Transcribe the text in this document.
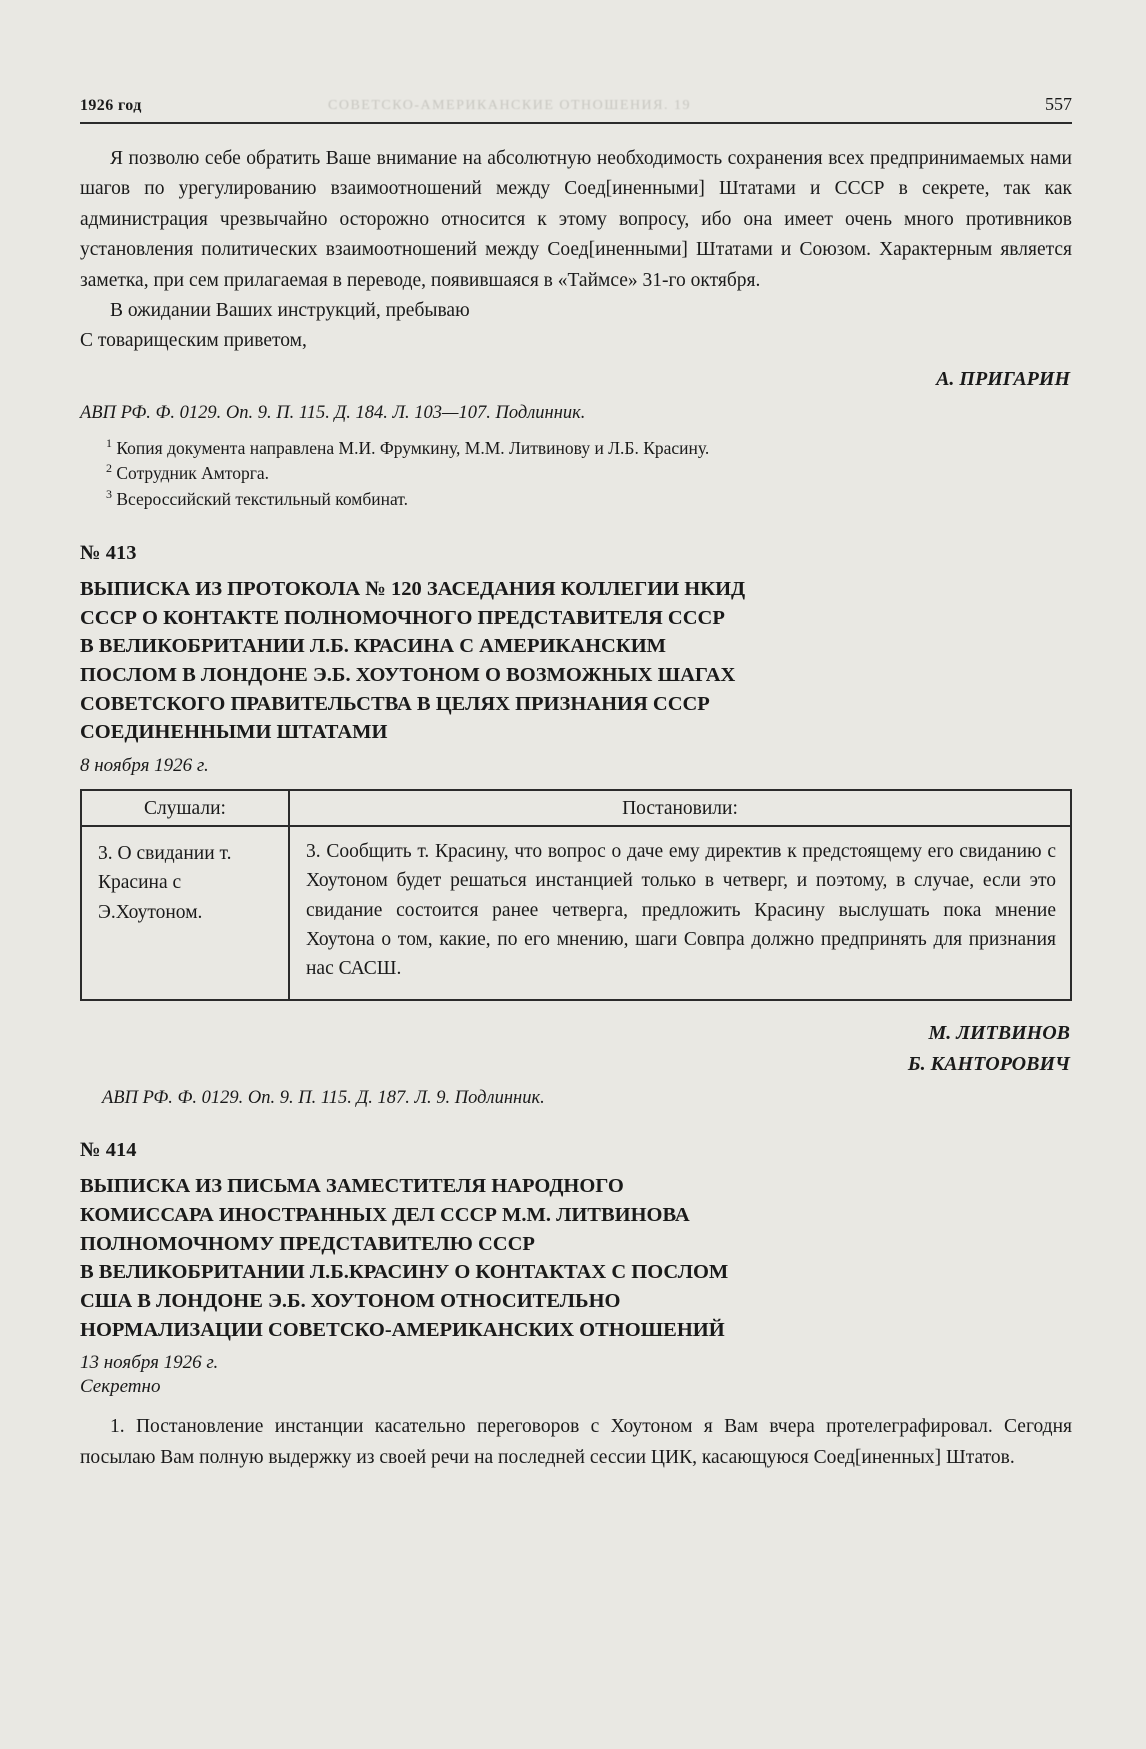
1926 год	СОВЕТСКО-АМЕРИКАНСКИЕ ОТНОШЕНИЯ. 19	557

Я позволю себе обратить Ваше внимание на абсолютную необходимость сохранения всех предпринимаемых нами шагов по урегулированию взаимоотношений между Соед[иненными] Штатами и СССР в секрете, так как администрация чрезвычайно осторожно относится к этому вопросу, ибо она имеет очень много противников установления политических взаимоотношений между Соед[иненными] Штатами и Союзом. Характерным является заметка, при сем прилагаемая в переводе, появившаяся в «Таймсе» 31-го октября.

В ожидании Ваших инструкций, пребываю

С товарищеским приветом,

А. ПРИГАРИН

АВП РФ. Ф. 0129. Оп. 9. П. 115. Д. 184. Л. 103—107. Подлинник.

$^1$ Копия документа направлена М.И. Фрумкину, М.М. Литвинову и Л.Б. Красину.

$^2$ Сотрудник Амторга.

$^3$ Всероссийский текстильный комбинат.

№ 413

ВЫПИСКА ИЗ ПРОТОКОЛА № 120 ЗАСЕДАНИЯ КОЛЛЕГИИ НКИД
СССР О КОНТАКТЕ ПОЛНОМОЧНОГО ПРЕДСТАВИТЕЛЯ СССР
В ВЕЛИКОБРИТАНИИ Л.Б. КРАСИНА С АМЕРИКАНСКИМ
ПОСЛОМ В ЛОНДОНЕ Э.Б. ХОУТОНОМ О ВОЗМОЖНЫХ ШАГАХ
СОВЕТСКОГО ПРАВИТЕЛЬСТВА В ЦЕЛЯХ ПРИЗНАНИЯ СССР
СОЕДИНЕННЫМИ ШТАТАМИ

8 ноября 1926 г.

Слушали:	Постановили:
3. О свидании т. Красина с Э.Хоутоном.	3. Сообщить т. Красину, что вопрос о даче ему директив к предстоящему его свиданию с Хоутоном будет решаться инстанцией только в четверг, и поэтому, в случае, если это свидание состоится ранее четверга, предложить Красину выслушать пока мнение Хоутона о том, какие, по его мнению, шаги Совпра должно предпринять для признания нас САСШ.

М. ЛИТВИНОВ

Б. КАНТОРОВИЧ

АВП РФ. Ф. 0129. Оп. 9. П. 115. Д. 187. Л. 9. Подлинник.

№ 414

ВЫПИСКА ИЗ ПИСЬМА ЗАМЕСТИТЕЛЯ НАРОДНОГО
КОМИССАРА ИНОСТРАННЫХ ДЕЛ СССР М.М. ЛИТВИНОВА
ПОЛНОМОЧНОМУ ПРЕДСТАВИТЕЛЮ СССР
В ВЕЛИКОБРИТАНИИ Л.Б.КРАСИНУ О КОНТАКТАХ С ПОСЛОМ
США В ЛОНДОНЕ Э.Б. ХОУТОНОМ ОТНОСИТЕЛЬНО
НОРМАЛИЗАЦИИ СОВЕТСКО-АМЕРИКАНСКИХ ОТНОШЕНИЙ

13 ноября 1926 г.

Секретно

1. Постановление инстанции касательно переговоров с Хоутоном я Вам вчера протелеграфировал. Сегодня посылаю Вам полную выдержку из своей речи на последней сессии ЦИК, касающуюся Соед[иненных] Штатов.
